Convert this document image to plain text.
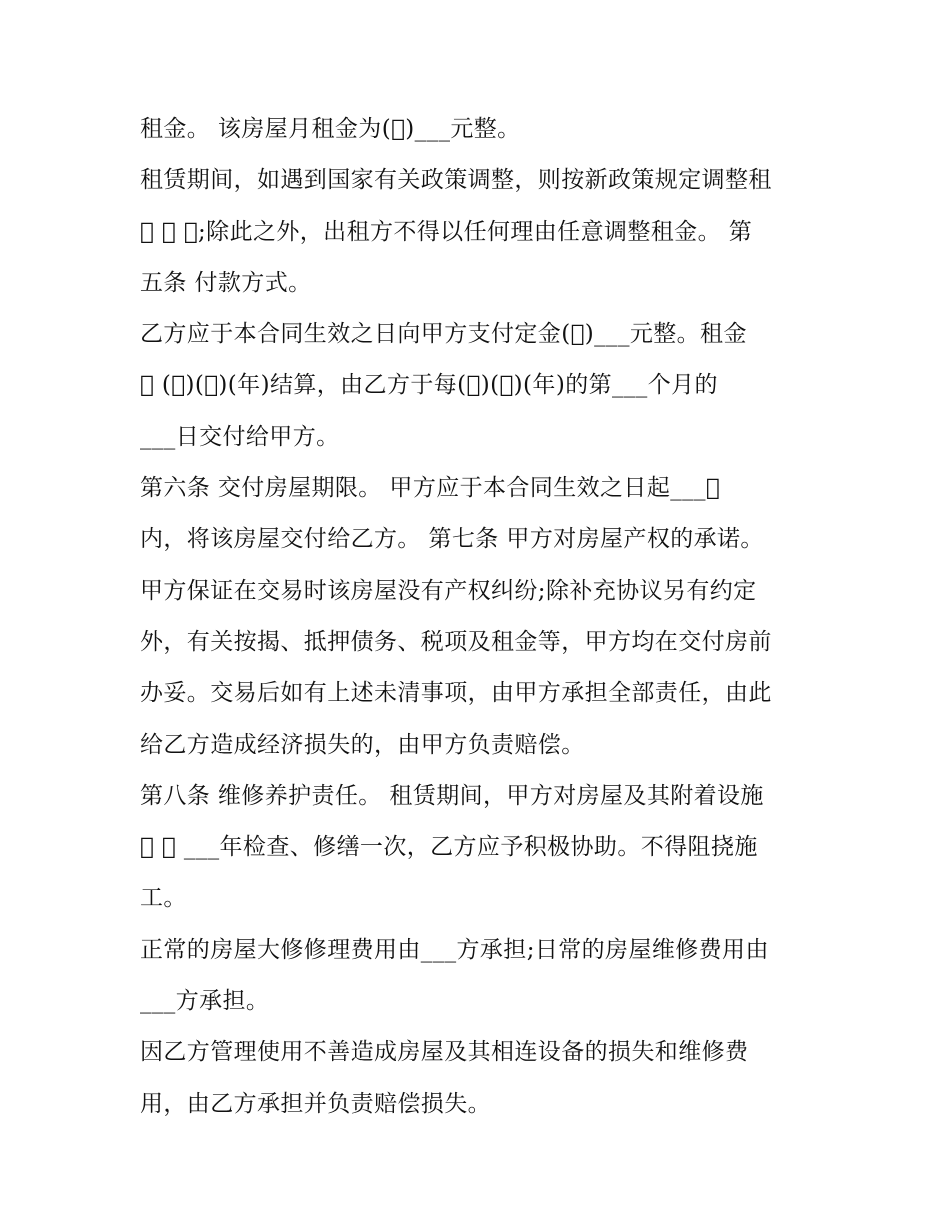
租金。 该房屋月租金为( )___元整。
租赁期间，如遇到国家有关政策调整，则按新政策规定调整租
     ;除此之外，出租方不得以任何理由任意调整租金。 第
五条 付款方式。
乙方应于本合同生效之日向甲方支付定金( )___元整。租金
  ( )( )(年)结算，由乙方于每( )( )(年)的第___个月的
___日交付给甲方。
第六条 交付房屋期限。 甲方应于本合同生效之日起___ 
内，将该房屋交付给乙方。 第七条 甲方对房屋产权的承诺。
甲方保证在交易时该房屋没有产权纠纷;除补充协议另有约定
外，有关按揭、抵押债务、税项及租金等，甲方均在交付房前
办妥。交易后如有上述未清事项，由甲方承担全部责任，由此
给乙方造成经济损失的，由甲方负责赔偿。
第八条 维修养护责任。 租赁期间，甲方对房屋及其附着设施
    ___年检查、修缮一次，乙方应予积极协助。不得阻挠施
工。
正常的房屋大修修理费用由___方承担;日常的房屋维修费用由
___方承担。
因乙方管理使用不善造成房屋及其相连设备的损失和维修费
用，由乙方承担并负责赔偿损失。
